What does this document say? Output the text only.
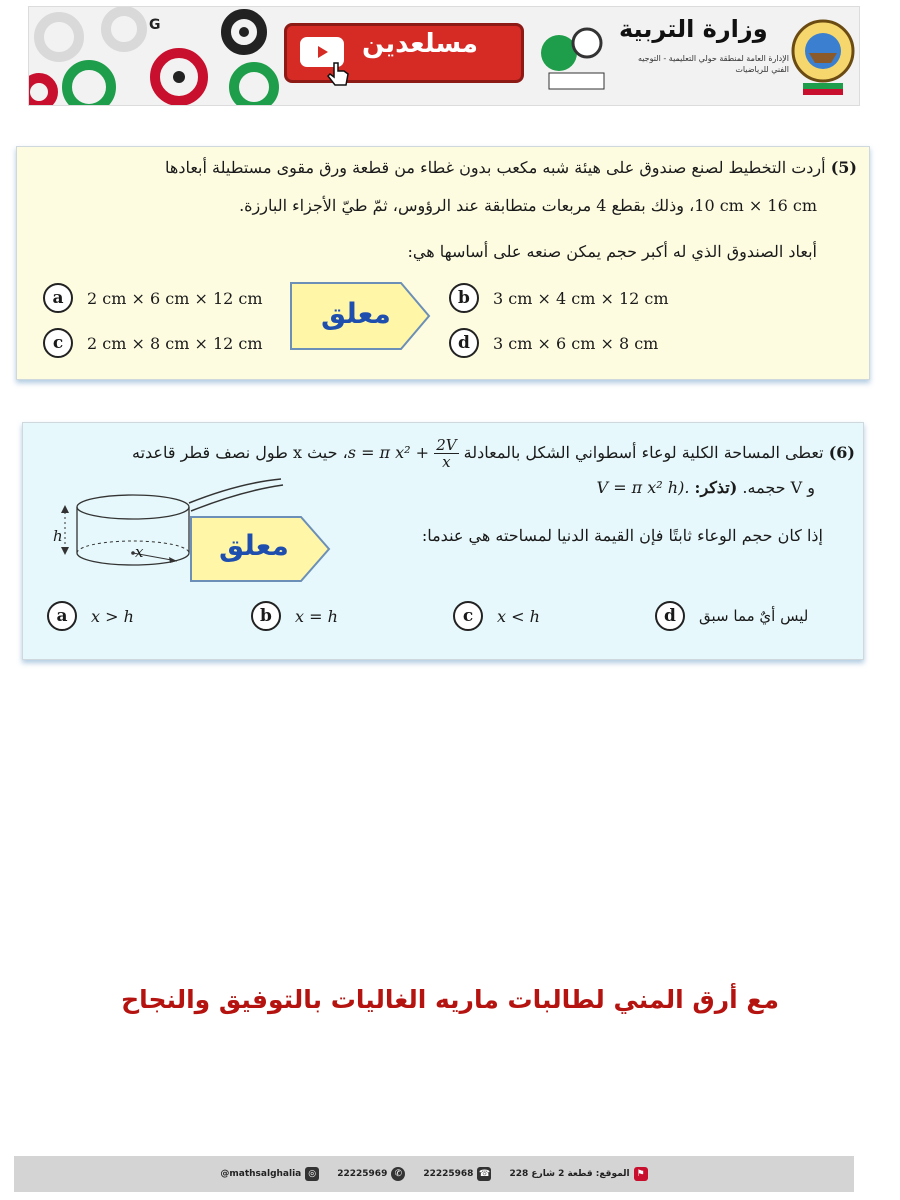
G
مسلعدين	وزارة التربية
الإدارة العامة لمنطقة حولي التعليمية - التوجيه الفني للرياضيات
(5) أردت التخطيط لصنع صندوق على هيئة شبه مكعب بدون غطاء من قطعة ورق مقوى مستطيلة أبعادها
10 cm × 16 cm، وذلك بقطع 4 مربعات متطابقة عند الرؤوس، ثمّ طيّ الأجزاء البارزة.
أبعاد الصندوق الذي له أكبر حجم يمكن صنعه على أساسها هي:
معلق
a	2 cm × 6 cm × 12 cm	b	3 cm × 4 cm × 12 cm
c	2 cm × 8 cm × 12 cm	d	3 cm × 6 cm × 8 cm
(6) تعطى المساحة الكلية لوعاء أسطواني الشكل بالمعادلة s = π $x^2 + \frac{2V}{x}$
، حيث x طول نصف قطر قاعدته
و V حجمه. (تذكر: V = π x² h).
إذا كان حجم الوعاء ثابتًا فإن القيمة الدنيا لمساحته هي عندما:
h
x	معلق
a	x > h	b	x = h	c	x < h	d	ليس أيٌ مما سبق
مع أرق المني لطالبات ماريه الغاليات بالتوفيق والنجاح
@mathsalghalia ◎	22225969 ✆	22225968 ☎ الموقع: قطعة 2 شارع 228 ⚑
